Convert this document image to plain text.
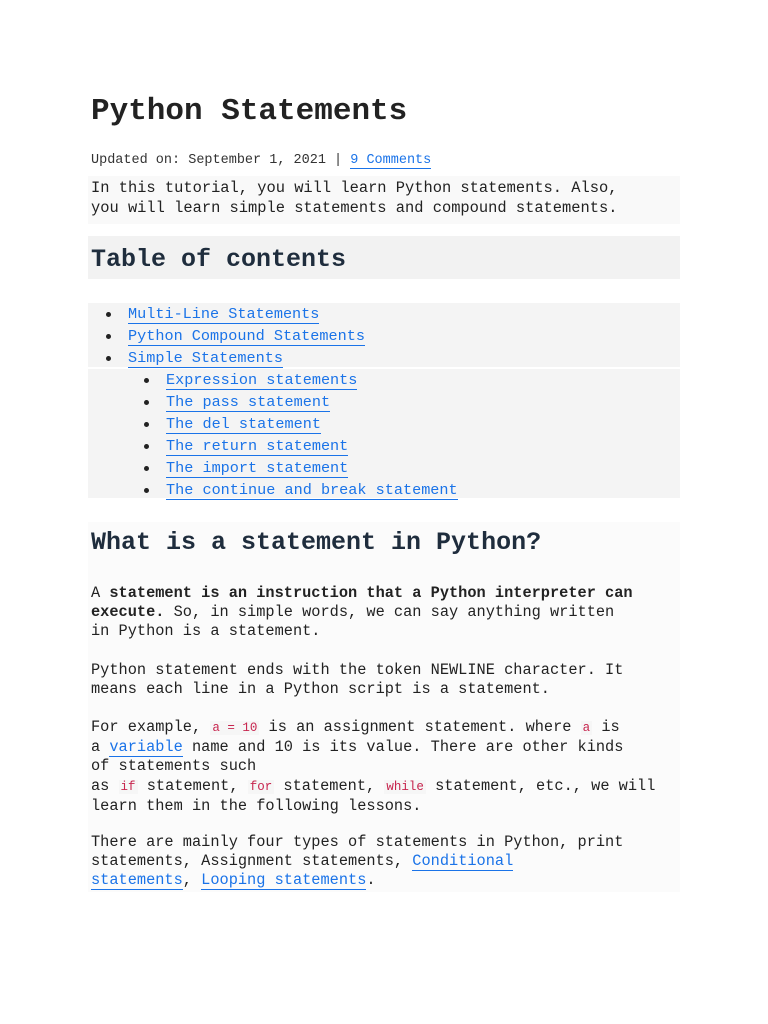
Python Statements
Updated on: September 1, 2021 | 9 Comments
In this tutorial, you will learn Python statements. Also,
you will learn simple statements and compound statements.
Table of contents
Multi-Line Statements
Python Compound Statements
Simple Statements
Expression statements
The pass statement
The del statement
The return statement
The import statement
The continue and break statement
What is a statement in Python?

A statement is an instruction that a Python interpreter can
execute. So, in simple words, we can say anything written
in Python is a statement.

Python statement ends with the token NEWLINE character. It
means each line in a Python script is a statement.

For example, a = 10 is an assignment statement. where a is
a variable name and 10 is its value. There are other kinds
of statements such
as if statement, for statement, while statement, etc., we will
learn them in the following lessons.

There are mainly four types of statements in Python, print
statements, Assignment statements, Conditional
statements, Looping statements.
